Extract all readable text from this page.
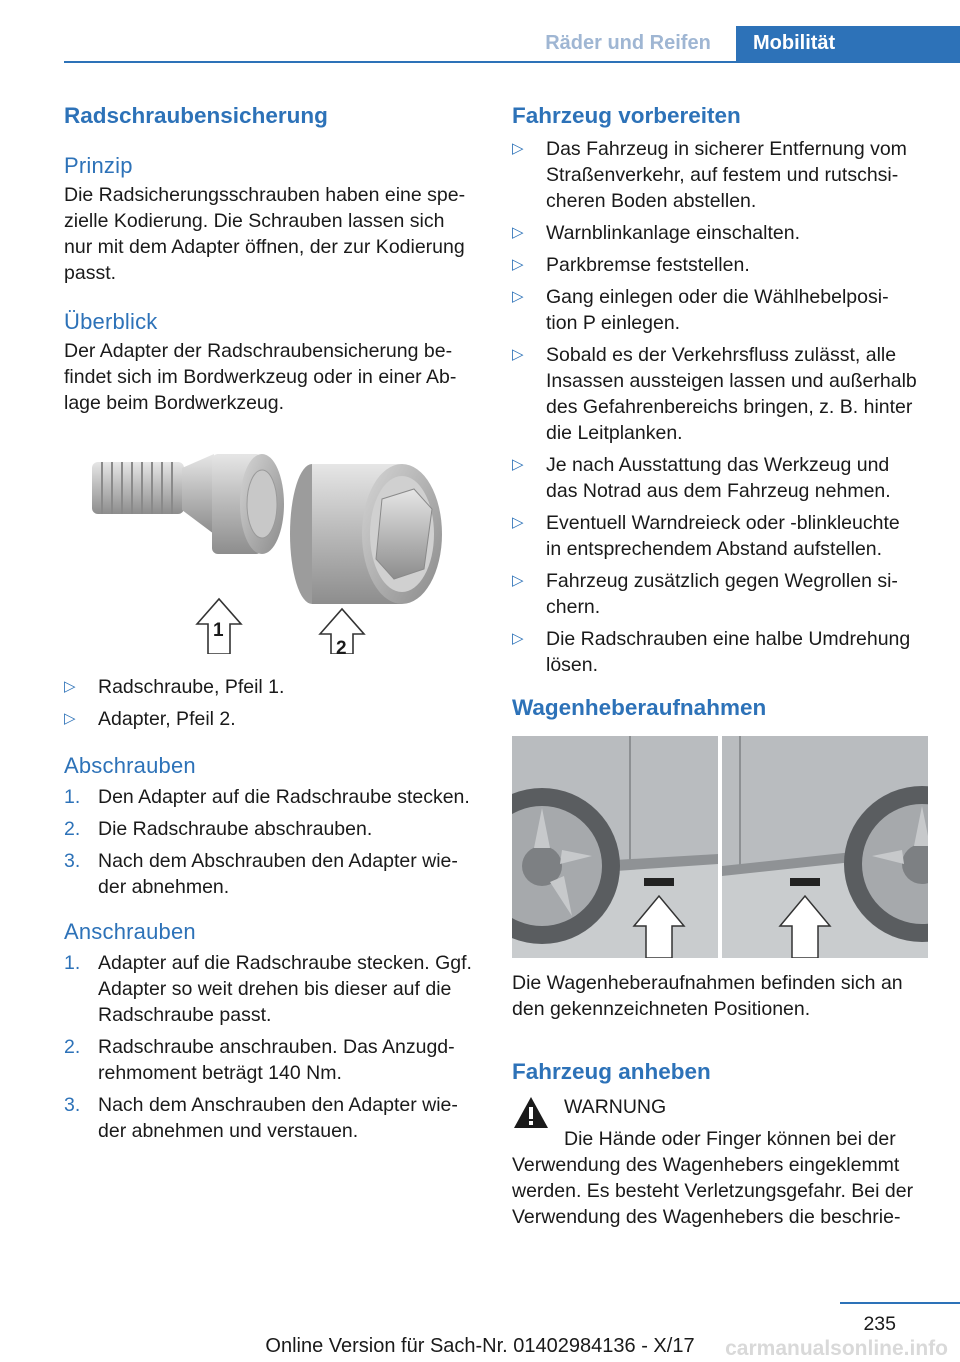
Räder und Reifen	Mobilität
Radschraubensicherung
Prinzip

Die Radsicherungsschrauben haben eine spe‐
zielle Kodierung. Die Schrauben lassen sich
nur mit dem Adapter öffnen, der zur Kodierung
passt.

Überblick

Der Adapter der Radschraubensicherung be‐
findet sich im Bordwerkzeug oder in einer Ab‐
lage beim Bordwerkzeug.

1
2
▷ Radschraube, Pfeil 1.
▷ Adapter, Pfeil 2.
Abschrauben
1. Den Adapter auf die Radschraube stecken.
2. Die Radschraube abschrauben.
3. Nach dem Abschrauben den Adapter wie‐
der abnehmen.
Anschrauben
1. Adapter auf die Radschraube stecken. Ggf.
Adapter so weit drehen bis dieser auf die
Radschraube passt.
2. Radschraube anschrauben. Das Anzugd‐
rehmoment beträgt 140 Nm.
3. Nach dem Anschrauben den Adapter wie‐
der abnehmen und verstauen.
Fahrzeug vorbereiten
▷ Das Fahrzeug in sicherer Entfernung vom
Straßenverkehr, auf festem und rutschsi‐
cheren Boden abstellen.
▷ Warnblinkanlage einschalten.
▷ Parkbremse feststellen.
▷ Gang einlegen oder die Wählhebelposi‐
tion P einlegen.
▷ Sobald es der Verkehrsfluss zulässt, alle
Insassen aussteigen lassen und außerhalb
des Gefahrenbereichs bringen, z. B. hinter
die Leitplanken.
▷ Je nach Ausstattung das Werkzeug und
das Notrad aus dem Fahrzeug nehmen.
▷ Eventuell Warndreieck oder -blinkleuchte
in entsprechendem Abstand aufstellen.
▷ Fahrzeug zusätzlich gegen Wegrollen si‐
chern.
▷ Die Radschrauben eine halbe Umdrehung
lösen.
Wagenheberaufnahmen

Die Wagenheberaufnahmen befinden sich an
den gekennzeichneten Positionen.

Fahrzeug anheben
WARNUNG
Die Hände oder Finger können bei der

Verwendung des Wagenhebers eingeklemmt
werden. Es besteht Verletzungsgefahr. Bei der
Verwendung des Wagenhebers die beschrie‐

235
Online Version für Sach-Nr. 01402984136 - X/17	carmanualsonline.info
